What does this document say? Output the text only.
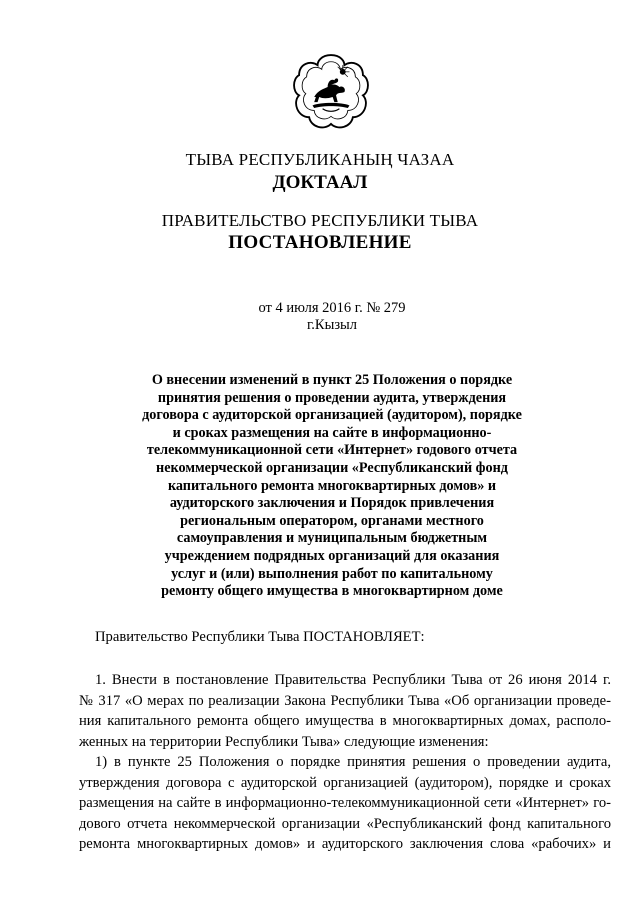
ТЫВА РЕСПУБЛИКАНЫҢ ЧАЗАА
ДОКТААЛ
ПРАВИТЕЛЬСТВО РЕСПУБЛИКИ ТЫВА
ПОСТАНОВЛЕНИЕ
от 4 июля 2016 г. № 279
г.Кызыл
О внесении изменений в пункт 25 Положения о порядке
принятия решения о проведении аудита, утверждения
договора с аудиторской организацией (аудитором), порядке
и сроках размещения на сайте в информационно-
телекоммуникационной сети «Интернет» годового отчета
некоммерческой организации «Республиканский фонд
капитального ремонта многоквартирных домов» и
аудиторского заключения и Порядок привлечения
региональным оператором, органами местного
самоуправления и муниципальным бюджетным
учреждением подрядных организаций для оказания
услуг и (или) выполнения работ по капитальному
ремонту общего имущества в многоквартирном доме
Правительство Республики Тыва ПОСТАНОВЛЯЕТ:
1. Внести в постановление Правительства Республики Тыва от 26 июня 2014 г.
№ 317 «О мерах по реализации Закона Республики Тыва «Об организации проведе-
ния капитального ремонта общего имущества в многоквартирных домах, располо-
женных на территории Республики Тыва» следующие изменения:
1) в пункте 25 Положения о порядке принятия решения о проведении аудита,
утверждения договора с аудиторской организацией (аудитором), порядке и сроках
размещения на сайте в информационно-телекоммуникационной сети «Интернет» го-
дового отчета некоммерческой организации «Республиканский фонд капитального
ремонта многоквартирных домов» и аудиторского заключения слова «рабочих» и
